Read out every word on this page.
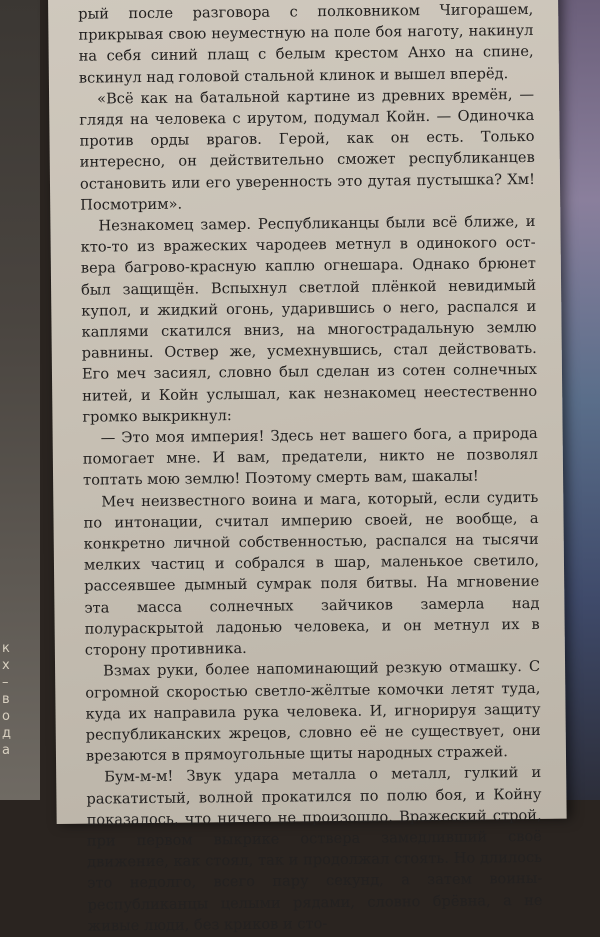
к
х
–
в
о
д
а

рый после разговора с полковником Чигорашем, прикрывая свою неуместную на поле боя наготу, накинул на себя синий плащ с белым крестом Анхо на спине, вскинул над головой стальной клинок и вышел вперёд.

«Всё как на батальной картине из древних времён, — глядя на человека с ирутом, подумал Койн. — Одиночка против орды врагов. Герой, как он есть. Только интересно, он действительно сможет республиканцев остановить или его уверенность это дутая пустышка? Хм! Посмотрим».

Незнакомец замер. Республиканцы были всё ближе, и кто-то из вражеских чародеев метнул в одинокого оствера багрово-красную каплю огнешара. Однако брюнет был защищён. Вспыхнул светлой плёнкой невидимый купол, и жидкий огонь, ударившись о него, распался и каплями скатился вниз, на многострадальную землю равнины. Оствер же, усмехнувшись, стал действовать. Его меч засиял, словно был сделан из сотен солнечных нитей, и Койн услышал, как незнакомец неестественно громко выкрикнул:

— Это моя империя! Здесь нет вашего бога, а природа помогает мне. И вам, предатели, никто не позволял топтать мою землю! Поэтому смерть вам, шакалы!

Меч неизвестного воина и мага, который, если судить по интонации, считал империю своей, не вообще, а конкретно личной собственностью, распался на тысячи мелких частиц и собрался в шар, маленькое светило, рассеявшее дымный сумрак поля битвы. На мгновение эта масса солнечных зайчиков замерла над полураскрытой ладонью человека, и он метнул их в сторону противника.

Взмах руки, более напоминающий резкую отмашку. С огромной скоростью светло-жёлтые комочки летят туда, куда их направила рука человека. И, игнорируя защиту республиканских жрецов, словно её не существует, они врезаются в прямоугольные щиты народных стражей.

Бум-м-м! Звук удара металла о металл, гулкий и раскатистый, волной прокатился по полю боя, и Койну показалось, что ничего не произошло. Вражеский строй, при первом выкрике оствера замедливший своё движение, как стоял, так и продолжал стоять. Но длилось это недолго, всего пару секунд, а затем воины-республиканцы целыми рядами, словно брёвна, а не живые люди, без криков и сто-
